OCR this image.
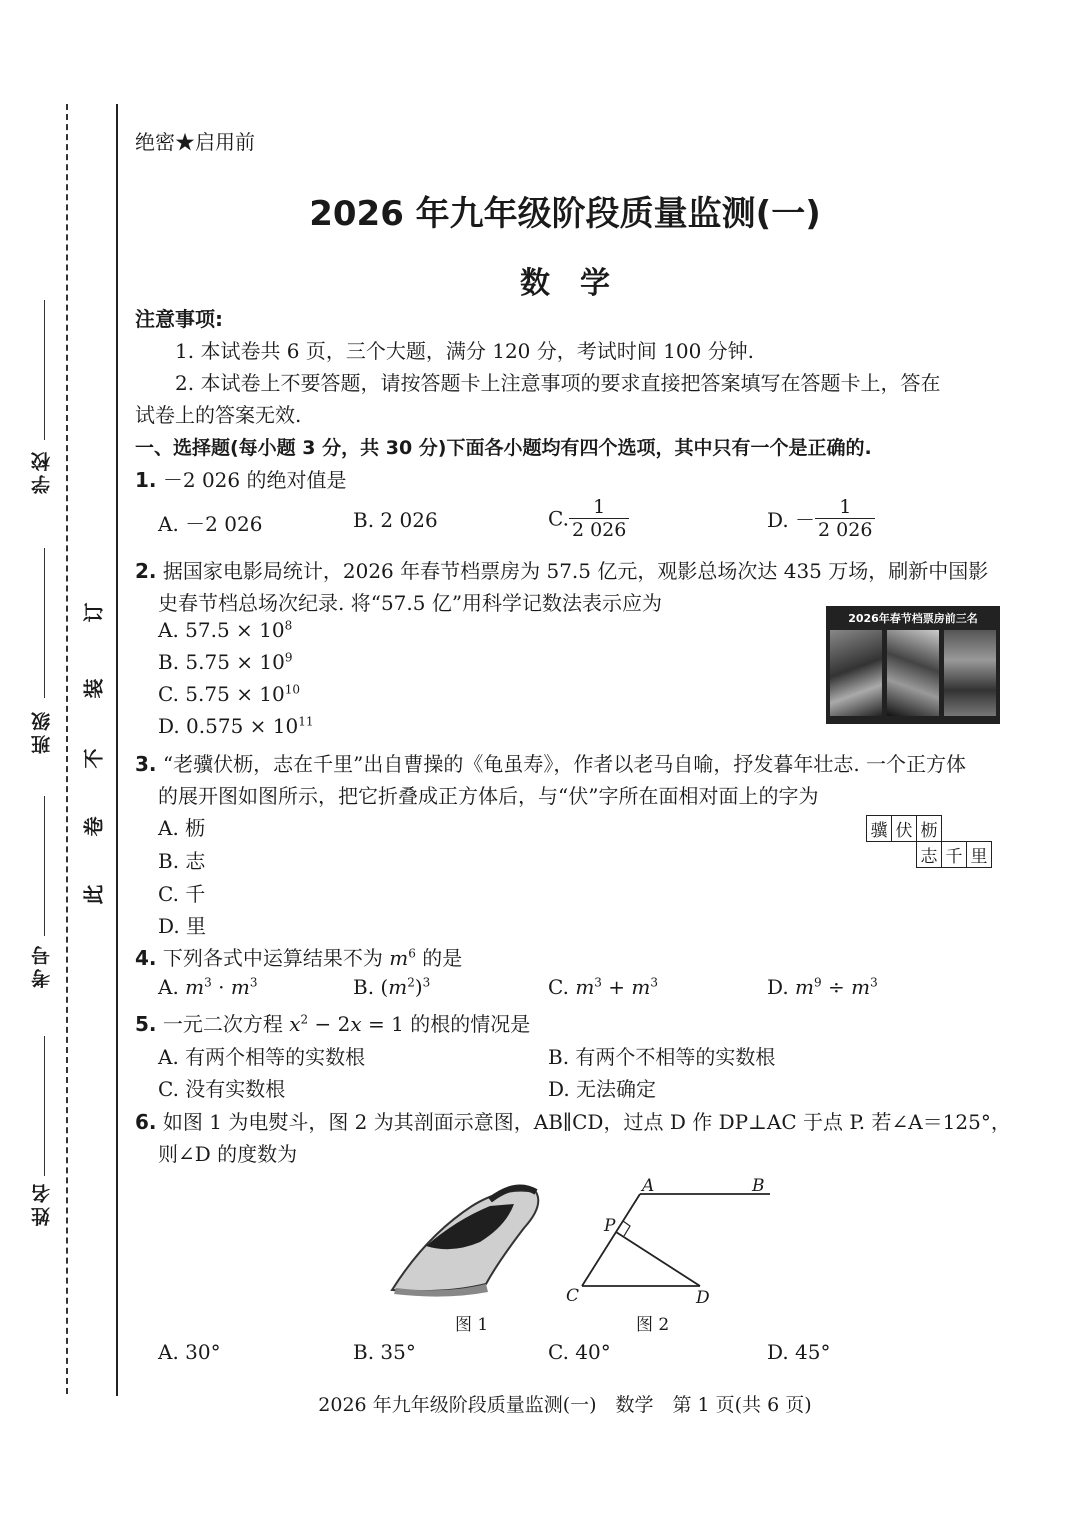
学校
班级
考号
姓名
此
卷
不
装
订
绝密★启用前
2026 年九年级阶段质量监测(一)
数　学
注意事项:
1. 本试卷共 6 页，三个大题，满分 120 分，考试时间 100 分钟.
2. 本试卷上不要答题，请按答题卡上注意事项的要求直接把答案填写在答题卡上，答在
试卷上的答案无效.
一、选择题(每小题 3 分，共 30 分)下面各小题均有四个选项，其中只有一个是正确的.
1. －2 026 的绝对值是
A. －2 026	B. 2 026	C. $\frac{1}{2 026}$	D. － $\frac{1}{2 026}$
2. 据国家电影局统计，2026 年春节档票房为 57.5 亿元，观影总场次达 435 万场，刷新中国影
史春节档总场次纪录. 将“57.5 亿”用科学记数法表示应为
A. $57.5 \times 10^8$
B. $5.75 \times 10^9$
C. $5.75 \times 10^{10}$
D. $0.575 \times 10^{11}$
2026年春节档票房前三名
3. “老骥伏枥，志在千里”出自曹操的《龟虽寿》，作者以老马自喻，抒发暮年壮志. 一个正方体
的展开图如图所示，把它折叠成正方体后，与“伏”字所在面相对面上的字为
A. 枥
B. 志
C. 千
D. 里
骥	伏	枥		
		志	千	里
4. 下列各式中运算结果不为 $m^6$ 的是
A. $m^3 \cdot m^3$	B. $(m^2)^3$	C. $m^3 + m^3$	D. $m^9 \div m^3$
5. 一元二次方程 $x^2 - 2x = 1$ 的根的情况是
A. 有两个相等的实数根	B. 有两个不相等的实数根
C. 没有实数根	D. 无法确定
6. 如图 1 为电熨斗，图 2 为其剖面示意图，AB∥CD，过点 D 作 DP⊥AC 于点 P. 若∠A＝125°，
则∠D 的度数为
图 1
A	B
P
C	D
图 2
A. 30°	B. 35°	C. 40°	D. 45°
2026 年九年级阶段质量监测(一)　数学　第 1 页(共 6 页)
